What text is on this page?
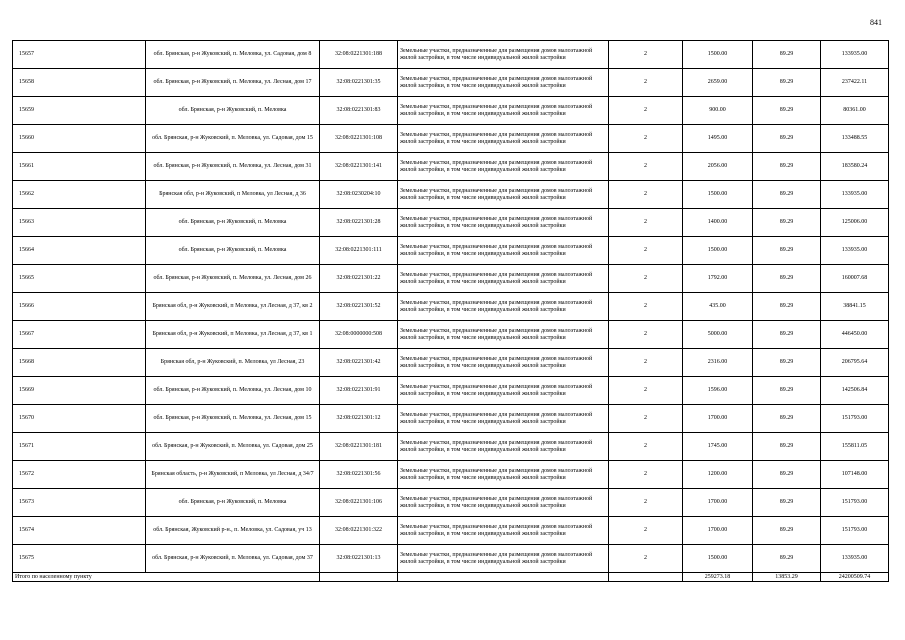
841
15657	обл. Брянская, р-н Жуковский, п. Меловка, ул. Садовая, дом 8	32:08:0221301:188	Земельные участки, предназначенные для размещения домов малоэтажной жилой застройки, в том числе индивидуальной жилой застройки	2	1500.00	89.29	133935.00
15658	обл. Брянская, р-н Жуковский, п. Меловка, ул. Лесная, дом 17	32:08:0221301:35	Земельные участки, предназначенные для размещения домов малоэтажной жилой застройки, в том числе индивидуальной жилой застройки	2	2659.00	89.29	237422.11
15659	обл. Брянская, р-н Жуковский, п. Меловка	32:08:0221301:83	Земельные участки, предназначенные для размещения домов малоэтажной жилой застройки, в том числе индивидуальной жилой застройки	2	900.00	89.29	80361.00
15660	обл. Брянская, р-н Жуковский, п. Меловка, ул. Садовая, дом 15	32:08:0221301:108	Земельные участки, предназначенные для размещения домов малоэтажной жилой застройки, в том числе индивидуальной жилой застройки	2	1495.00	89.29	133488.55
15661	обл. Брянская, р-н Жуковский, п. Меловка, ул. Лесная, дом 31	32:08:0221301:141	Земельные участки, предназначенные для размещения домов малоэтажной жилой застройки, в том числе индивидуальной жилой застройки	2	2056.00	89.29	183580.24
15662	Брянская обл, р-н Жуковский, п Меловка, ул Лесная, д 36	32:08:0230204:10	Земельные участки, предназначенные для размещения домов малоэтажной жилой застройки, в том числе индивидуальной жилой застройки	2	1500.00	89.29	133935.00
15663	обл. Брянская, р-н Жуковский, п. Меловка	32:08:0221301:28	Земельные участки, предназначенные для размещения домов малоэтажной жилой застройки, в том числе индивидуальной жилой застройки	2	1400.00	89.29	125006.00
15664	обл. Брянская, р-н Жуковский, п. Меловка	32:08:0221301:111	Земельные участки, предназначенные для размещения домов малоэтажной жилой застройки, в том числе индивидуальной жилой застройки	2	1500.00	89.29	133935.00
15665	обл. Брянская, р-н Жуковский, п. Меловка, ул. Лесная, дом 26	32:08:0221301:22	Земельные участки, предназначенные для размещения домов малоэтажной жилой застройки, в том числе индивидуальной жилой застройки	2	1792.00	89.29	160007.68
15666	Брянская обл, р-н Жуковский, п Меловка, ул Лесная, д 37, кв 2	32:08:0221301:52	Земельные участки, предназначенные для размещения домов малоэтажной жилой застройки, в том числе индивидуальной жилой застройки	2	435.00	89.29	38841.15
15667	Брянская обл, р-н Жуковский, п Меловка, ул Лесная, д 37, кв 1	32:08:0000000:508	Земельные участки, предназначенные для размещения домов малоэтажной жилой застройки, в том числе индивидуальной жилой застройки	2	5000.00	89.29	446450.00
15668	Брянская обл, р-н Жуковский, п. Меловка, ул Лесная, 23	32:08:0221301:42	Земельные участки, предназначенные для размещения домов малоэтажной жилой застройки, в том числе индивидуальной жилой застройки	2	2316.00	89.29	206795.64
15669	обл. Брянская, р-н Жуковский, п. Меловка, ул. Лесная, дом 10	32:08:0221301:91	Земельные участки, предназначенные для размещения домов малоэтажной жилой застройки, в том числе индивидуальной жилой застройки	2	1596.00	89.29	142506.84
15670	обл. Брянская, р-н Жуковский, п. Меловка, ул. Лесная, дом 15	32:08:0221301:12	Земельные участки, предназначенные для размещения домов малоэтажной жилой застройки, в том числе индивидуальной жилой застройки	2	1700.00	89.29	151793.00
15671	обл. Брянская, р-н Жуковский, п. Меловка, ул. Садовая, дом 25	32:08:0221301:181	Земельные участки, предназначенные для размещения домов малоэтажной жилой застройки, в том числе индивидуальной жилой застройки	2	1745.00	89.29	155811.05
15672	Брянская область, р-н Жуковский, п Меловка, ул Лесная, д 34/7	32:08:0221301:56	Земельные участки, предназначенные для размещения домов малоэтажной жилой застройки, в том числе индивидуальной жилой застройки	2	1200.00	89.29	107148.00
15673	обл. Брянская, р-н Жуковский, п. Меловка	32:08:0221301:106	Земельные участки, предназначенные для размещения домов малоэтажной жилой застройки, в том числе индивидуальной жилой застройки	2	1700.00	89.29	151793.00
15674	обл. Брянская, Жуковский р-н., п. Меловка, ул. Садовая, уч 13	32:08:0221301:322	Земельные участки, предназначенные для размещения домов малоэтажной жилой застройки, в том числе индивидуальной жилой застройки	2	1700.00	89.29	151793.00
15675	обл. Брянская, р-н Жуковский, п. Меловка, ул. Садовая, дом 37	32:08:0221301:13	Земельные участки, предназначенные для размещения домов малоэтажной жилой застройки, в том числе индивидуальной жилой застройки	2	1500.00	89.29	133935.00
Итого по населенному пункту					259273.18	13853.29	24200509.74
